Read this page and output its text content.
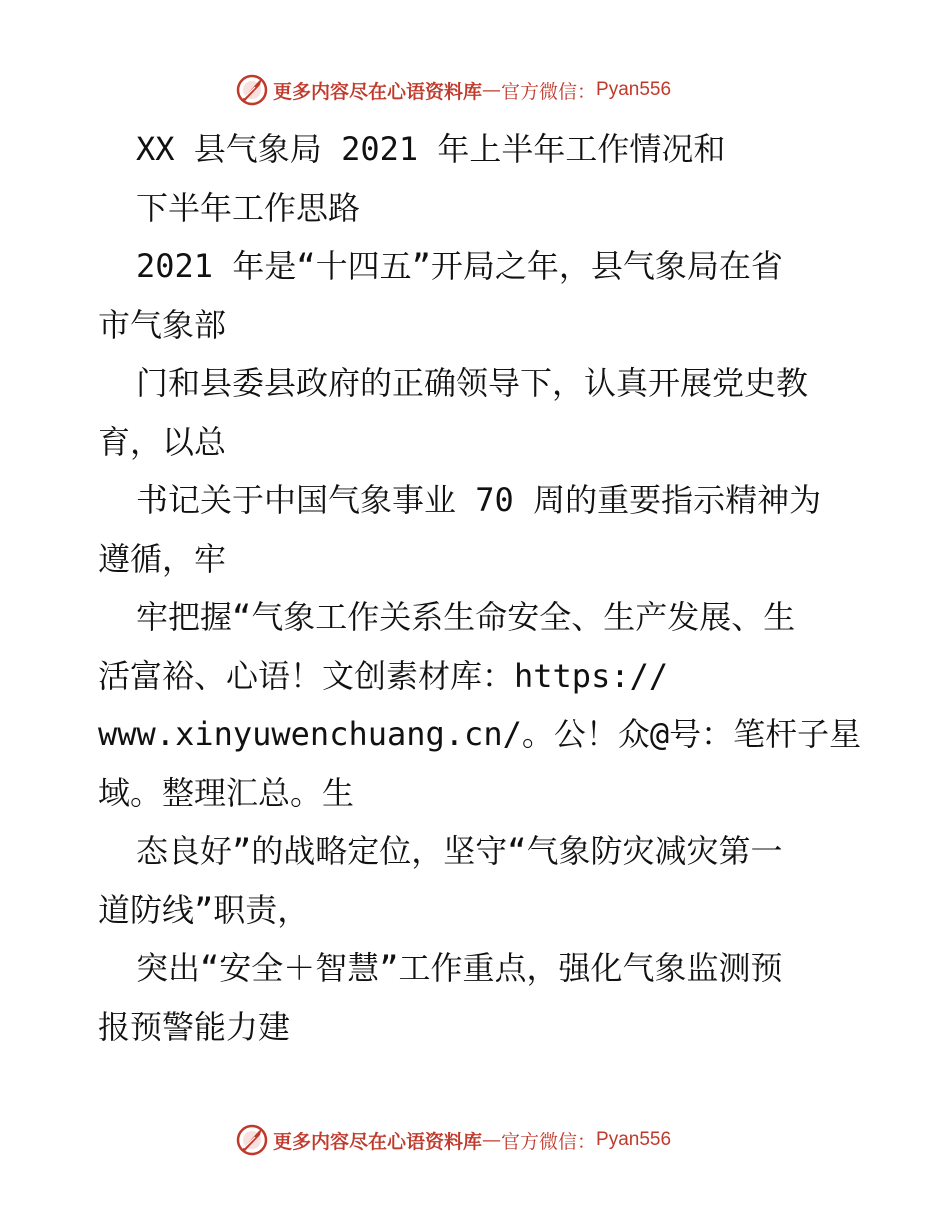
更多内容尽在心语资料库 — 官方微信： Pyan556
XX 县气象局 2021 年上半年工作情况和
下半年工作思路
2021 年是“十四五”开局之年，县气象局在省
市气象部
门和县委县政府的正确领导下，认真开展党史教
育，以总
书记关于中国气象事业 70 周的重要指示精神为
遵循，牢
牢把握“气象工作关系生命安全、生产发展、生
活富裕、心语！文创素材库：https://
www.xinyuwenchuang.cn/。公！众@号：笔杆子星
域。整理汇总。生
态良好”的战略定位，坚守“气象防灾减灾第一
道防线”职责，
突出“安全＋智慧”工作重点，强化气象监测预
报预警能力建
更多内容尽在心语资料库 — 官方微信： Pyan556
